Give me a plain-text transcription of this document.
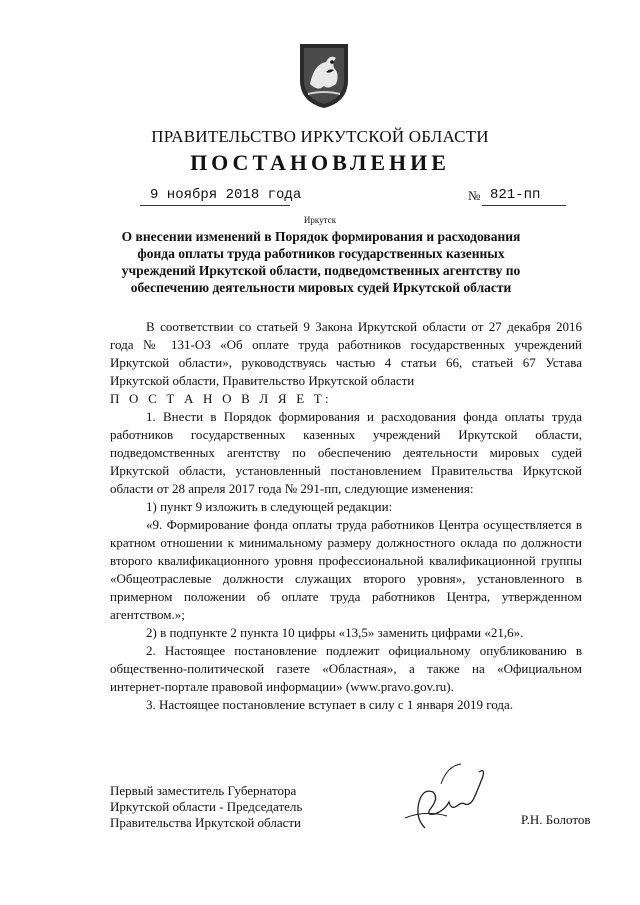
ПРАВИТЕЛЬСТВО ИРКУТСКОЙ ОБЛАСТИ
ПОСТАНОВЛЕНИЕ
9 ноября 2018 года	№ 821-пп
Иркутск
О внесении изменений в Порядок формирования и расходования фонда оплаты труда работников государственных казенных учреждений Иркутской области, подведомственных агентству по обеспечению деятельности мировых судей Иркутской области

В соответствии со статьей 9 Закона Иркутской области от 27 декабря 2016 года № 131-ОЗ «Об оплате труда работников государственных учреждений Иркутской области», руководствуясь частью 4 статьи 66, статьей 67 Устава Иркутской области, Правительство Иркутской области

П О С Т А Н О В Л Я Е Т:

1. Внести в Порядок формирования и расходования фонда оплаты труда работников государственных казенных учреждений Иркутской области, подведомственных агентству по обеспечению деятельности мировых судей Иркутской области, установленный постановлением Правительства Иркутской области от 28 апреля 2017 года № 291-пп, следующие изменения:

1) пункт 9 изложить в следующей редакции:

«9. Формирование фонда оплаты труда работников Центра осуществляется в кратном отношении к минимальному размеру должностного оклада по должности второго квалификационного уровня профессиональной квалификационной группы «Общеотраслевые должности служащих второго уровня», установленного в примерном положении об оплате труда работников Центра, утвержденном агентством.»;

2) в подпункте 2 пункта 10 цифры «13,5» заменить цифрами «21,6».

2. Настоящее постановление подлежит официальному опубликованию в общественно-политической газете «Областная», а также на «Официальном интернет-портале правовой информации» (www.pravo.gov.ru).

3. Настоящее постановление вступает в силу с 1 января 2019 года.

Первый заместитель Губернатора
Иркутской области - Председатель
Правительства Иркутской области	Р.Н. Болотов
